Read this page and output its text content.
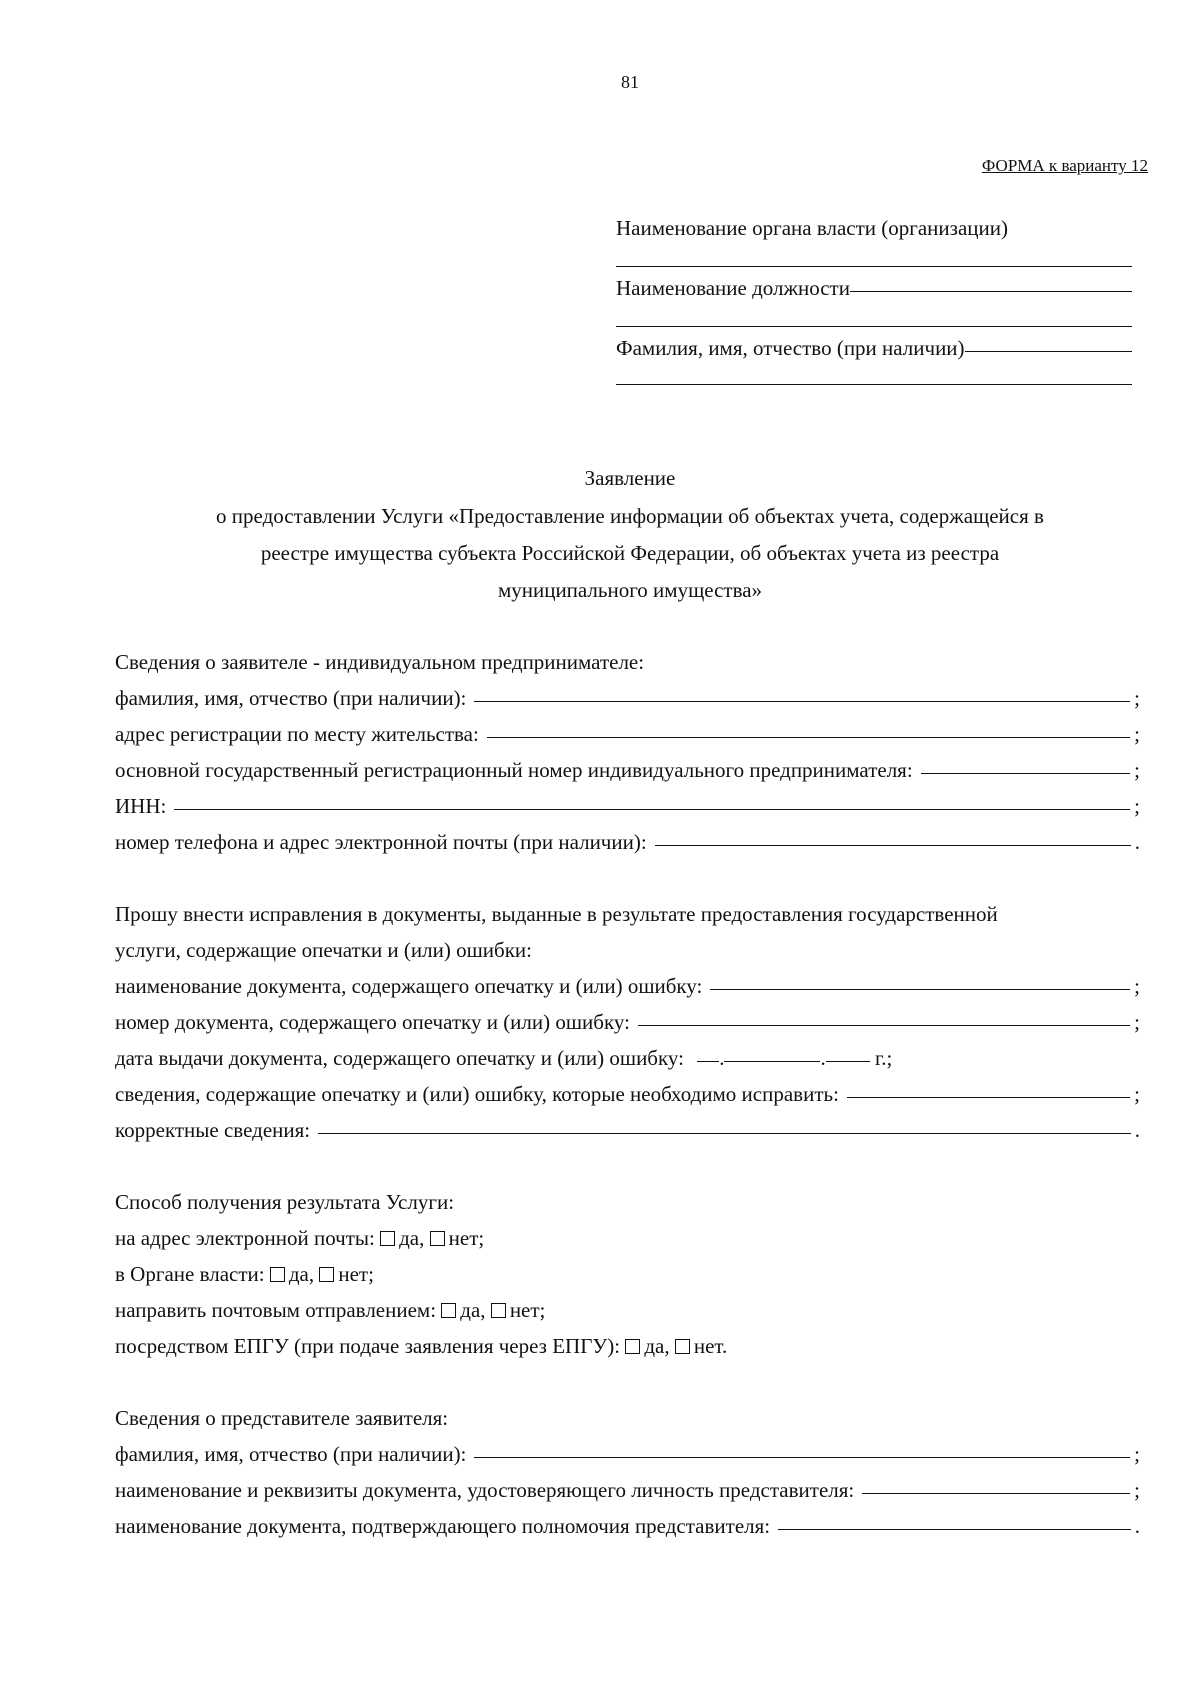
81
ФОРМА к варианту 12
Наименование органа власти (организации)
Наименование должности
Фамилия, имя, отчество (при наличии)
Заявление
о предоставлении Услуги «Предоставление информации об объектах учета, содержащейся в
реестре имущества субъекта Российской Федерации, об объектах учета из реестра
муниципального имущества»
Сведения о заявителе - индивидуальном предпринимателе:
фамилия, имя, отчество (при наличии):	;
адрес регистрации по месту жительства:	;
основной государственный регистрационный номер индивидуального предпринимателя:	;
ИНН:	;
номер телефона и адрес электронной почты (при наличии):	.
Прошу внести исправления в документы, выданные в результате предоставления государственной
услуги, содержащие опечатки и (или) ошибки:
наименование документа, содержащего опечатку и (или) ошибку:	;
номер документа, содержащего опечатку и (или) ошибку:	;
дата выдачи документа, содержащего опечатку и (или) ошибку: .	. г.;
сведения, содержащие опечатку и (или) ошибку, которые необходимо исправить:	;
корректные сведения:	.
Способ получения результата Услуги:
на адрес электронной почты: да, нет;
в Органе власти: да, нет;
направить почтовым отправлением: да, нет;
посредством ЕПГУ (при подаче заявления через ЕПГУ): да, нет.
Сведения о представителе заявителя:
фамилия, имя, отчество (при наличии):	;
наименование и реквизиты документа, удостоверяющего личность представителя:	;
наименование документа, подтверждающего полномочия представителя:	.
